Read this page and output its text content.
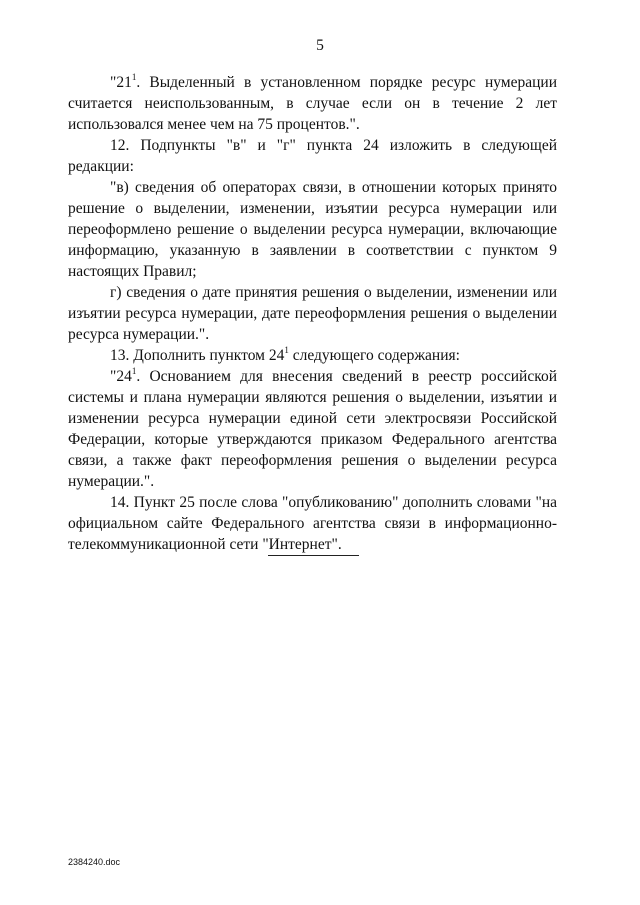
5

"$21^1$. Выделенный в установленном порядке ресурс нумерации считается неиспользованным, в случае если он в течение 2 лет использовался менее чем на 75 процентов.".

12. Подпункты "в" и "г" пункта 24 изложить в следующей редакции:

"в) сведения об операторах связи, в отношении которых принято решение о выделении, изменении, изъятии ресурса нумерации или переоформлено решение о выделении ресурса нумерации, включающие информацию, указанную в заявлении в соответствии с пунктом 9 настоящих Правил;

г) сведения о дате принятия решения о выделении, изменении или изъятии ресурса нумерации, дате переоформления решения о выделении ресурса нумерации.".

13. Дополнить пунктом $24^1$ следующего содержания:

"$24^1$. Основанием для внесения сведений в реестр российской системы и плана нумерации являются решения о выделении, изъятии и изменении ресурса нумерации единой сети электросвязи Российской Федерации, которые утверждаются приказом Федерального агентства связи, а также факт переоформления решения о выделении ресурса нумерации.".

14. Пункт 25 после слова "опубликованию" дополнить словами "на официальном сайте Федерального агентства связи в информационно-телекоммуникационной сети "Интернет".

2384240.doc
